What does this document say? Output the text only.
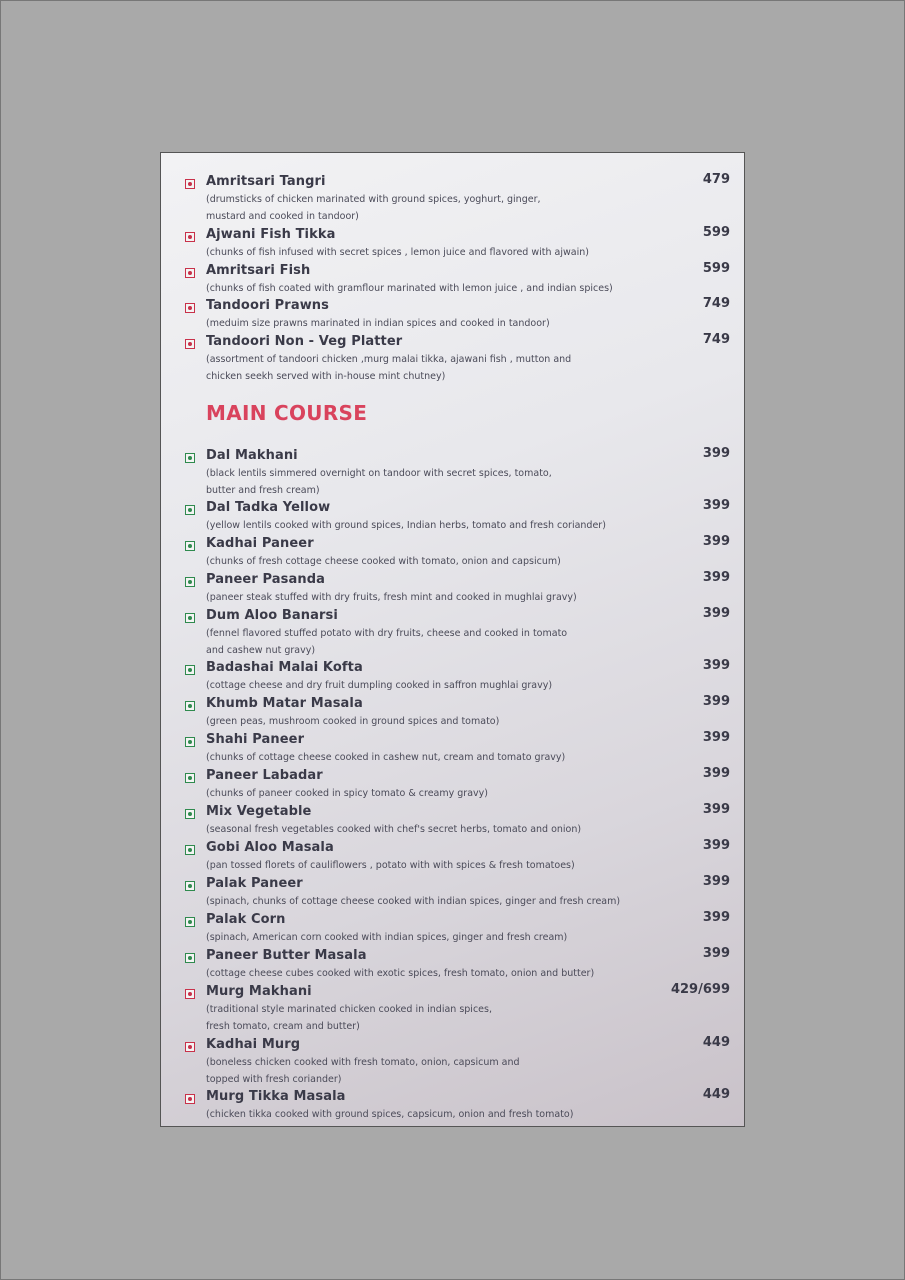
Amritsari Tangri
(drumsticks of chicken marinated with ground spices, yoghurt, ginger,
mustard and cooked in tandoor)
479
Ajwani Fish Tikka
(chunks of fish infused with secret spices , lemon juice and flavored with ajwain)
599
Amritsari Fish
(chunks of fish coated with gramflour marinated with lemon juice , and indian spices)
599
Tandoori Prawns
(meduim size prawns marinated in indian spices and cooked in tandoor)
749
Tandoori Non - Veg Platter
(assortment of tandoori chicken ,murg malai tikka, ajawani fish , mutton and
chicken seekh served with in-house mint chutney)
749
MAIN COURSE
Dal Makhani
(black lentils simmered overnight on tandoor with secret spices, tomato,
butter and fresh cream)
399
Dal Tadka Yellow
(yellow lentils cooked with ground spices, Indian herbs, tomato and fresh coriander)
399
Kadhai Paneer
(chunks of fresh cottage cheese cooked with tomato, onion and capsicum)
399
Paneer Pasanda
(paneer steak stuffed with dry fruits, fresh mint and cooked in mughlai gravy)
399
Dum Aloo Banarsi
(fennel flavored stuffed potato with dry fruits, cheese and cooked in tomato
and cashew nut gravy)
399
Badashai Malai Kofta
(cottage cheese and dry fruit dumpling cooked in saffron mughlai gravy)
399
Khumb Matar Masala
(green peas, mushroom cooked in ground spices and tomato)
399
Shahi Paneer
(chunks of cottage cheese cooked in cashew nut, cream and tomato gravy)
399
Paneer Labadar
(chunks of paneer cooked in spicy tomato & creamy gravy)
399
Mix Vegetable
(seasonal fresh vegetables cooked with chef's secret herbs, tomato and onion)
399
Gobi Aloo Masala
(pan tossed florets of cauliflowers , potato with with spices & fresh tomatoes)
399
Palak Paneer
(spinach, chunks of cottage cheese cooked with indian spices, ginger and fresh cream)
399
Palak Corn
(spinach, American corn cooked with indian spices, ginger and fresh cream)
399
Paneer Butter Masala
(cottage cheese cubes cooked with exotic spices, fresh tomato, onion and butter)
399
Murg Makhani
(traditional style marinated chicken cooked in indian spices,
fresh tomato, cream and butter)
429/699
Kadhai Murg
(boneless chicken cooked with fresh tomato, onion, capsicum and
topped with fresh coriander)
449
Murg Tikka Masala
(chicken tikka cooked with ground spices, capsicum, onion and fresh tomato)
449
